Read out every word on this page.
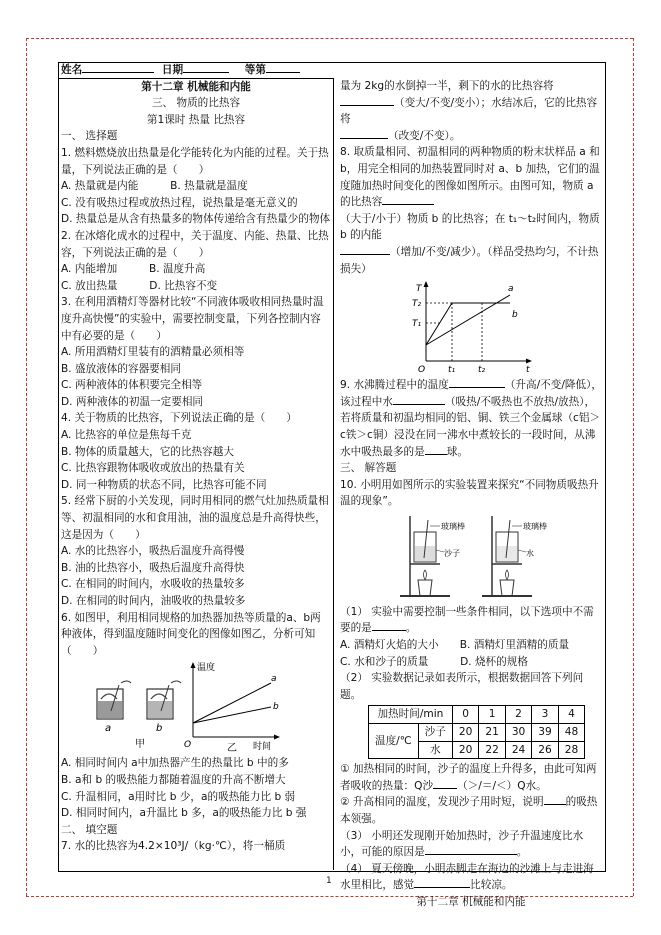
姓名	日期	等第

第十二章 机械能和内能

三、 物质的比热容

第1课时 热量 比热容

一、 选择题

1. 燃料燃烧放出热量是化学能转化为内能的过程。关于热量，下列说法正确的是（　　）

A. 热量就是内能　　　B. 热量就是温度

C. 没有吸热过程或放热过程，说热量是毫无意义的

D. 热量总是从含有热量多的物体传递给含有热量少的物体

2. 在冰熔化成水的过程中，关于温度、内能、热量、比热容，下列说法正确的是（　　）

A. 内能增加　　　B. 温度升高

C. 放出热量　　　D. 比热容不变

3. 在利用酒精灯等器材比较“不同液体吸收相同热量时温度升高快慢”的实验中，需要控制变量，下列各控制内容中有必要的是（　　）

A. 所用酒精灯里装有的酒精量必须相等

B. 盛放液体的容器要相同

C. 两种液体的体积要完全相等

D. 两种液体的初温一定要相同

4. 关于物质的比热容，下列说法正确的是（　　）

A. 比热容的单位是焦每千克

B. 物体的质量越大，它的比热容越大

C. 比热容跟物体吸收或放出的热量有关

D. 同一种物质的状态不同，比热容可能不同

5. 经常下厨的小关发现，同时用相同的燃气灶加热质量相等、初温相同的水和食用油，油的温度总是升高得快些，这是因为（　　）

A. 水的比热容小，吸热后温度升高得慢

B. 油的比热容小，吸热后温度升高得快

C. 在相同的时间内，水吸收的热量较多

D. 在相同的时间内，油吸收的热量较多

6. 如图甲，利用相同规格的加热器加热等质量的a、b两种液体，得到温度随时间变化的图像如图乙，分析可知（　　）

a	b
甲
a
b
温度
时间
O	乙

A. 相同时间内 a中加热器产生的热量比 b 中的多

B. a和 b 的吸热能力都随着温度的升高不断增大

C. 升温相同，a用时比 b 少，a的吸热能力比 b 弱

D. 相同时间内，a升温比 b 多，a的吸热能力比 b 强

二、 填空题

7. 水的比热容为4.2×10³J/（kg·℃），将一桶质

量为 2kg的水倒掉一半，剩下的水的比热容将

（变大/不变/变小）；水结冰后，它的比热容将

（改变/不变）。

8. 取质量相同、初温相同的两种物质的粉末状样品 a 和 b，用完全相同的加热装置同时对 a、b 加热，它们的温度随加热时间变化的图像如图所示。由图可知，物质 a的比热容

（大于/小于）物质 b 的比热容；在 t₁～t₂时间内，物质 b 的内能

（增加/不变/减少）。（样品受热均匀，不计热损失）

T
T₂
T₁
a
b
O	t₁	t₂	t

9. 水沸腾过程中的温度	（升高/不变/降低），该过程中水	（吸热/不吸热也不放热/放热），若将质量和初温均相同的铝、铜、铁三个金属球（c铝＞c铁＞c铜）浸没在同一沸水中煮较长的一段时间，从沸水中吸热最多的是 球。

三、 解答题

10. 小明用如图所示的实验装置来探究“不同物质吸热升温的现象”。

玻璃棒
沙子
玻璃棒
水

（1） 实验中需要控制一些条件相同，以下选项中不需要的是	。

A. 酒精灯火焰的大小　　B. 酒精灯里酒精的质量

C. 水和沙子的质量　　　D. 烧杯的规格

（2） 实验数据记录如表所示，根据数据回答下列问题。

加热时间/min		0	1	2	3	4
温度/℃	沙子	20	21	30	39	48
	水	20	22	24	26	28

① 加热相同的时间，沙子的温度上升得多，由此可知两者吸收的热量：Q沙 （＞/＝/＜）Q水。

② 升高相同的温度，发现沙子用时短，说明 的吸热本领强。

（3） 小明还发现刚开始加热时，沙子升温速度比水小，可能的原因是	。

（4） 夏天傍晚，小明赤脚走在海边的沙滩上与走进海水里相比，感觉	比较凉。

第十二章 机械能和内能

1
